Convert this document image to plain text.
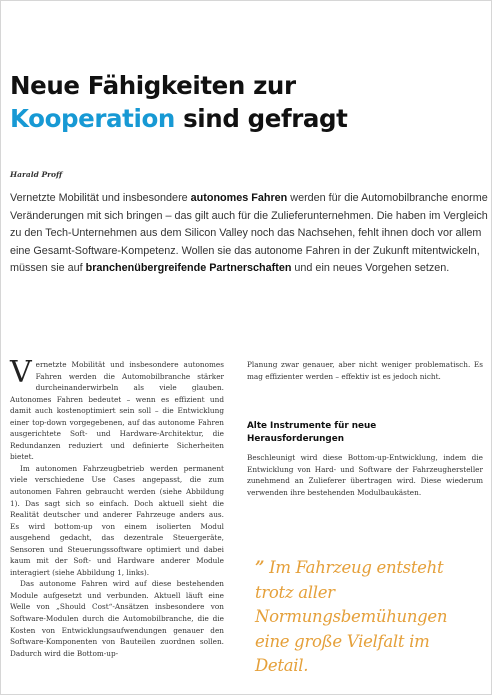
Neue Fähigkeiten zur
Kooperation sind gefragt
Harald Proff
Vernetzte Mobilität und insbesondere autonomes Fahren werden für die Automobilbranche enorme Veränderungen mit sich bringen – das gilt auch für die Zulieferunternehmen. Die haben im Vergleich zu den Tech-Unternehmen aus dem Silicon Valley noch das Nachsehen, fehlt ihnen doch vor allem eine Gesamt-Software-Kompetenz. Wollen sie das autonome Fahren in der Zukunft mitentwickeln, müssen sie auf branchenübergreifende Partnerschaften und ein neues Vorgehen setzen.

Vernetzte Mobilität und insbesondere autonomes Fahren werden die Automobilbranche stärker durcheinanderwirbeln als viele glauben. Autonomes Fahren bedeutet – wenn es effizient und damit auch kostenoptimiert sein soll – die Entwicklung einer top-down vorgegebenen, auf das autonome Fahren ausgerichtete Soft- und Hardware-Architektur, die Redundanzen reduziert und definierte Sicherheiten bietet.

Im autonomen Fahrzeugbetrieb werden permanent viele verschiedene Use Cases angepasst, die zum autonomen Fahren gebraucht werden (siehe Abbildung 1). Das sagt sich so einfach. Doch aktuell sieht die Realität deutscher und anderer Fahrzeuge anders aus. Es wird bottom-up von einem isolierten Modul ausgehend gedacht, das dezentrale Steuergeräte, Sensoren und Steuerungssoftware optimiert und dabei kaum mit der Soft- und Hardware anderer Module interagiert (siehe Abbildung 1, links).

Das autonome Fahren wird auf diese bestehenden Module aufgesetzt und verbunden. Aktuell läuft eine Welle von „Should Cost“-Ansätzen insbesondere von Software-Modulen durch die Automobilbranche, die die Kosten von Entwicklungsaufwendungen genauer den Software-Komponenten von Bauteilen zuordnen sollen. Dadurch wird die Bottom-up-

Planung zwar genauer, aber nicht weniger problematisch. Es mag effizienter werden – effektiv ist es jedoch nicht.

Alte Instrumente für neue Herausforderungen

Beschleunigt wird diese Bottom-up-Entwicklung, indem die Entwicklung von Hard- und Software der Fahrzeughersteller zunehmend an Zulieferer übertragen wird. Diese wiederum verwenden ihre bestehenden Modulbaukästen.

” Im Fahrzeug entsteht trotz aller Normungsbemühungen eine große Vielfalt im Detail.
